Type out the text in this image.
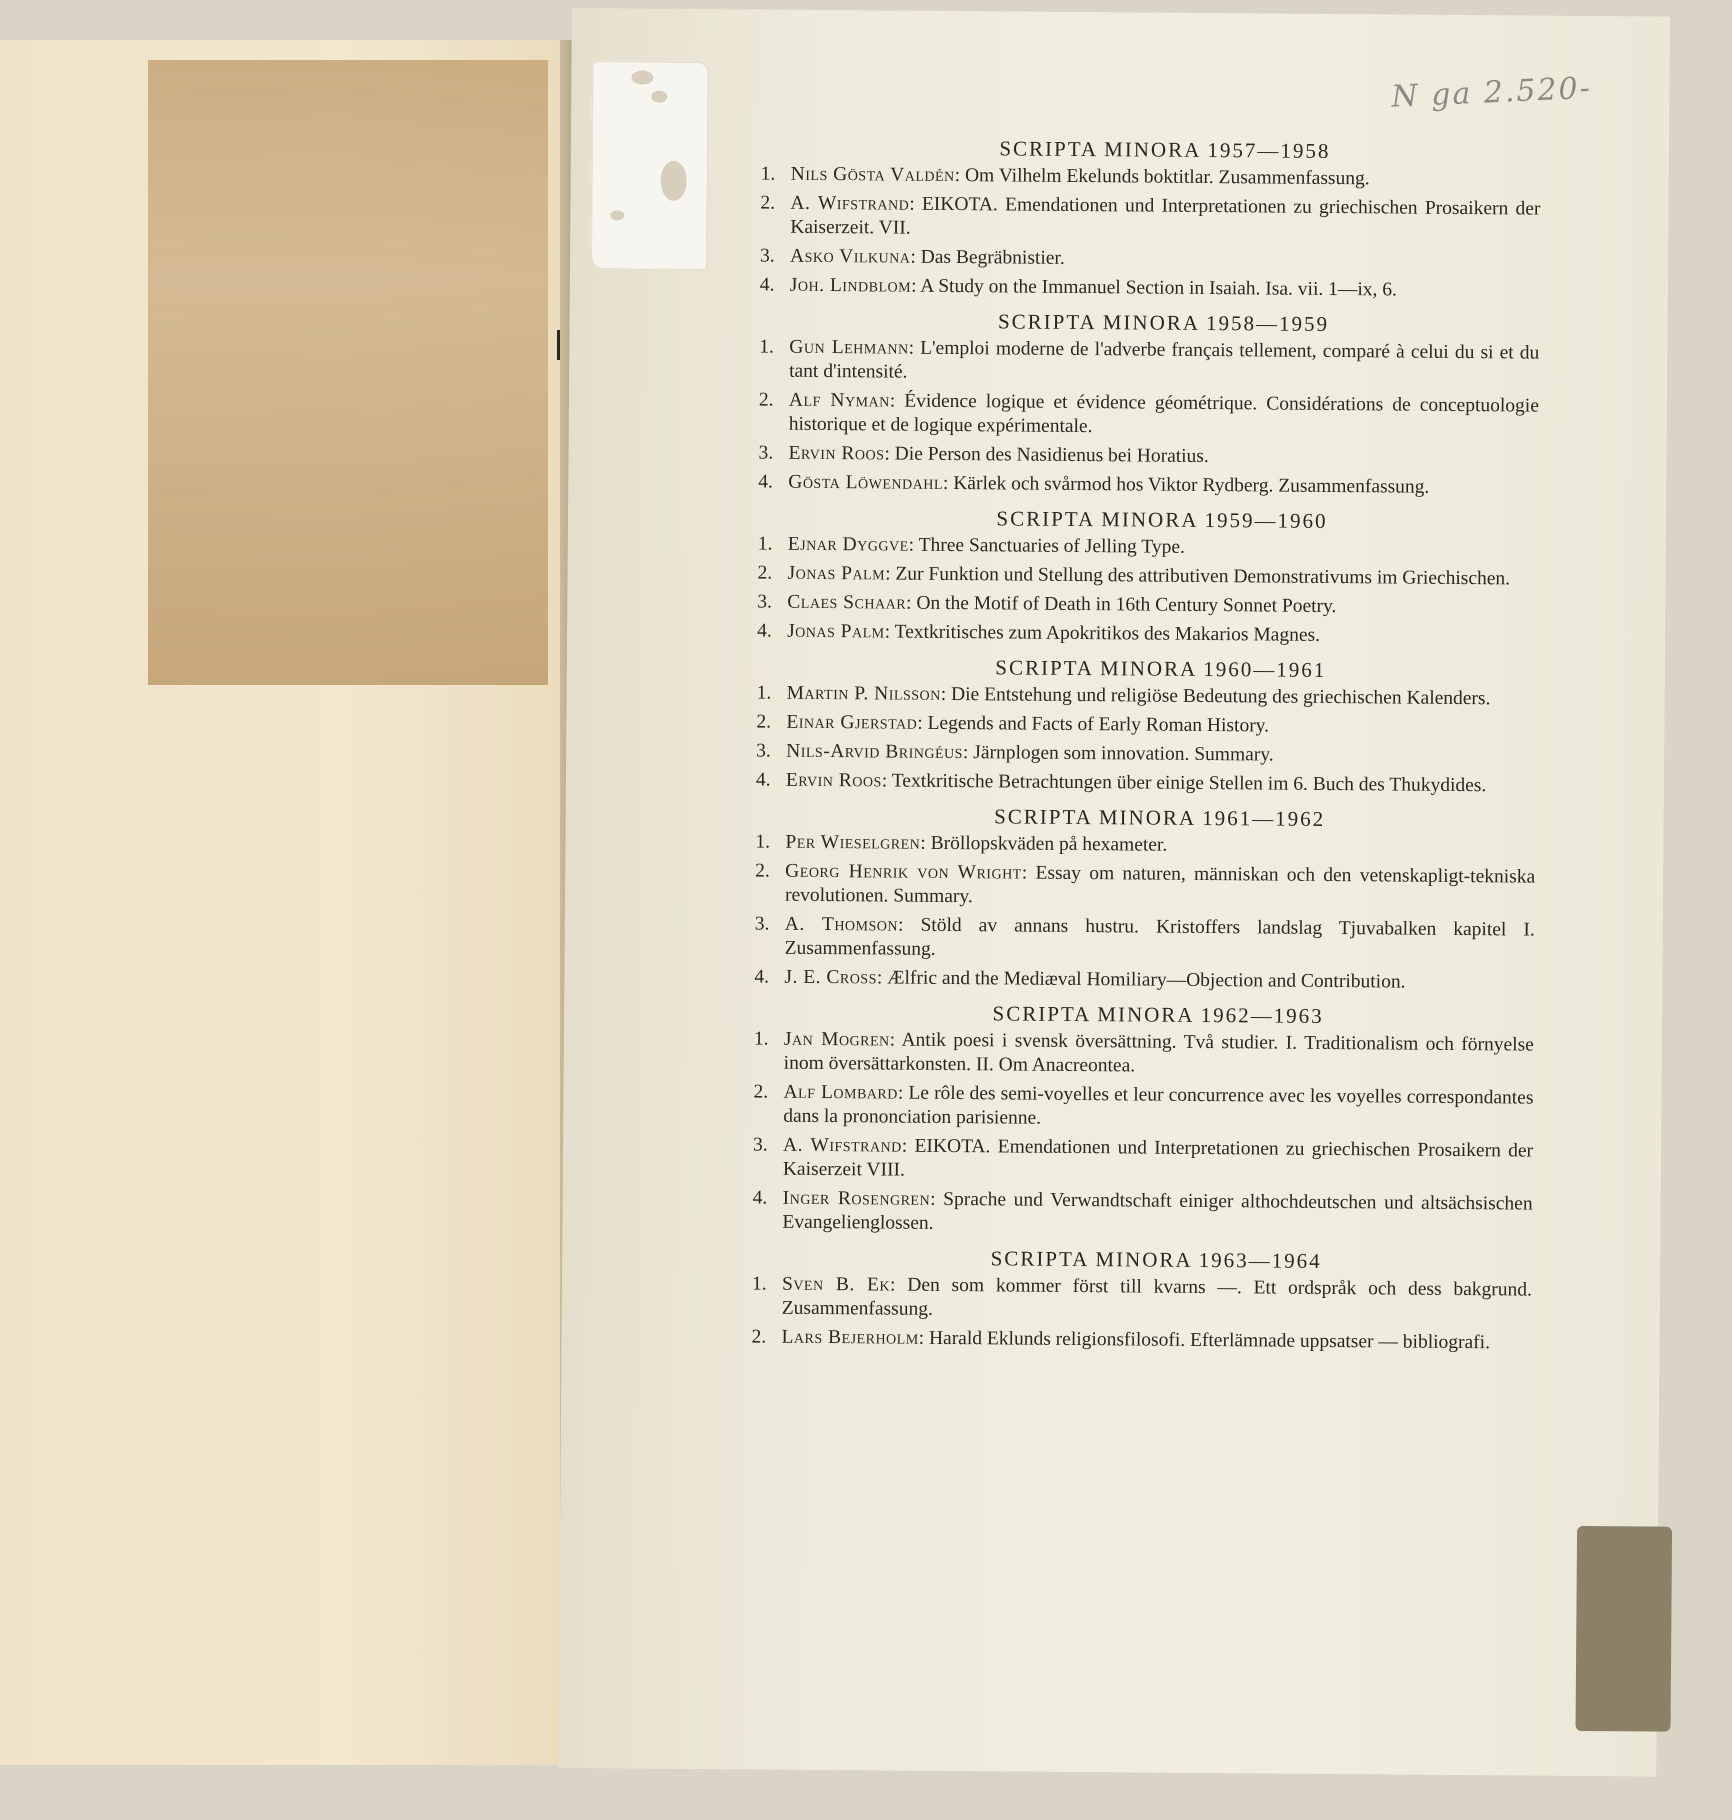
N ga 2.520-
SCRIPTA MINORA 1957—1958
1. Nils Gösta Valdén: Om Vilhelm Ekelunds boktitlar. Zusammenfassung.
2. A. Wifstrand: EIKOTA. Emendationen und Interpretationen zu griechischen Prosaikern der Kaiserzeit. VII.
3. Asko Vilkuna: Das Begräbnistier.
4. Joh. Lindblom: A Study on the Immanuel Section in Isaiah. Isa. vii. 1—ix, 6.
SCRIPTA MINORA 1958—1959
1. Gun Lehmann: L'emploi moderne de l'adverbe français tellement, comparé à celui du si et du tant d'intensité.
2. Alf Nyman: Évidence logique et évidence géométrique. Considérations de conceptuologie historique et de logique expérimentale.
3. Ervin Roos: Die Person des Nasidienus bei Horatius.
4. Gösta Löwendahl: Kärlek och svårmod hos Viktor Rydberg. Zusammenfassung.
SCRIPTA MINORA 1959—1960
1. Ejnar Dyggve: Three Sanctuaries of Jelling Type.
2. Jonas Palm: Zur Funktion und Stellung des attributiven Demonstrativums im Griechischen.
3. Claes Schaar: On the Motif of Death in 16th Century Sonnet Poetry.
4. Jonas Palm: Textkritisches zum Apokritikos des Makarios Magnes.
SCRIPTA MINORA 1960—1961
1. Martin P. Nilsson: Die Entstehung und religiöse Bedeutung des griechischen Kalenders.
2. Einar Gjerstad: Legends and Facts of Early Roman History.
3. Nils-Arvid Bringéus: Järnplogen som innovation. Summary.
4. Ervin Roos: Textkritische Betrachtungen über einige Stellen im 6. Buch des Thukydides.
SCRIPTA MINORA 1961—1962
1. Per Wieselgren: Bröllopskväden på hexameter.
2. Georg Henrik von Wright: Essay om naturen, människan och den vetenskapligt-tekniska revolutionen. Summary.
3. A. Thomson: Stöld av annans hustru. Kristoffers landslag Tjuvabalken kapitel I. Zusammenfassung.
4. J. E. Cross: Ælfric and the Mediæval Homiliary—Objection and Contribution.
SCRIPTA MINORA 1962—1963
1. Jan Mogren: Antik poesi i svensk översättning. Två studier. I. Traditionalism och förnyelse inom översättarkonsten. II. Om Anacreontea.
2. Alf Lombard: Le rôle des semi-voyelles et leur concurrence avec les voyelles correspondantes dans la prononciation parisienne.
3. A. Wifstrand: EIKOTA. Emendationen und Interpretationen zu griechischen Prosaikern der Kaiserzeit VIII.
4. Inger Rosengren: Sprache und Verwandtschaft einiger althochdeutschen und altsächsischen Evangelienglossen.
SCRIPTA MINORA 1963—1964
1. Sven B. Ek: Den som kommer först till kvarns —. Ett ordspråk och dess bakgrund. Zusammenfassung.
2. Lars Bejerholm: Harald Eklunds religionsfilosofi. Efterlämnade uppsatser — bibliografi.
